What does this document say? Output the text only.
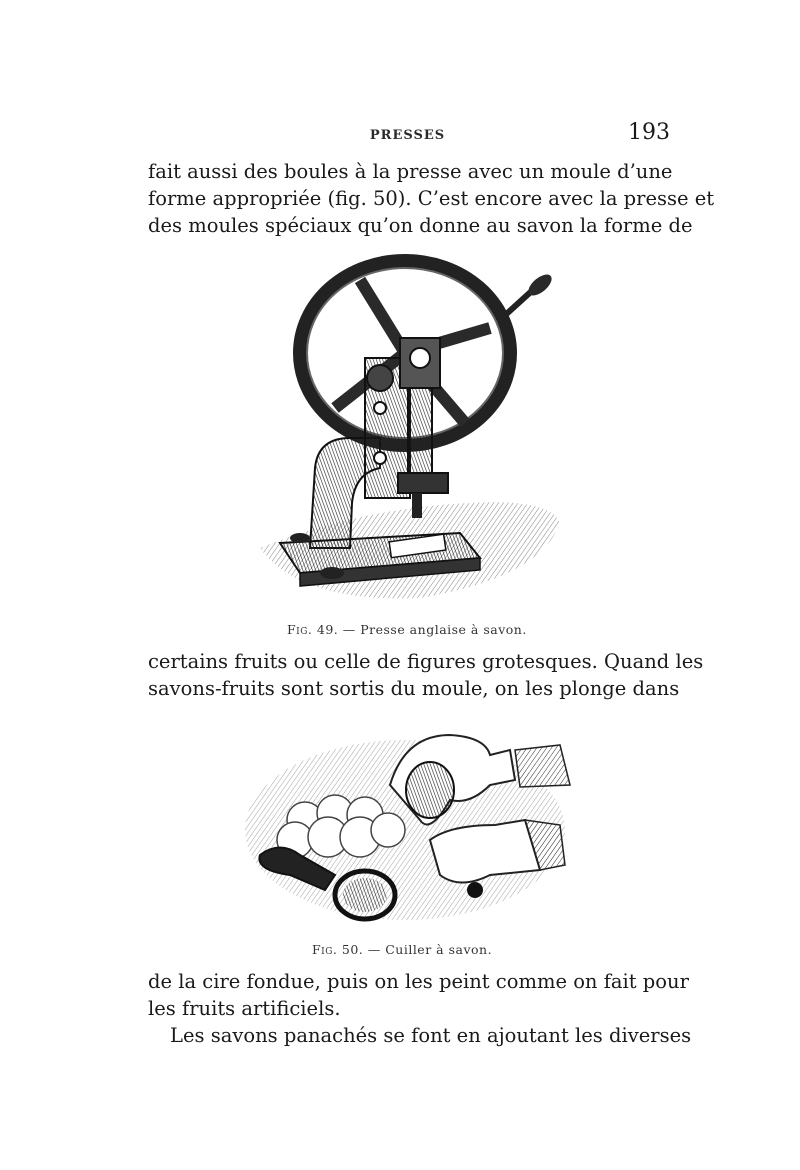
PRESSES	193

fait aussi des boules à la presse avec un moule d’une
forme appropriée (fig. 50). C’est encore avec la presse et
des moules spéciaux qu’on donne au savon la forme de

Fig. 49. — Presse anglaise à savon.

certains fruits ou celle de figures grotesques. Quand les
savons-fruits sont sortis du moule, on les plonge dans

Fig. 50. — Cuiller à savon.

de la cire fondue, puis on les peint comme on fait pour
les fruits artificiels.
Les savons panachés se font en ajoutant les diverses
